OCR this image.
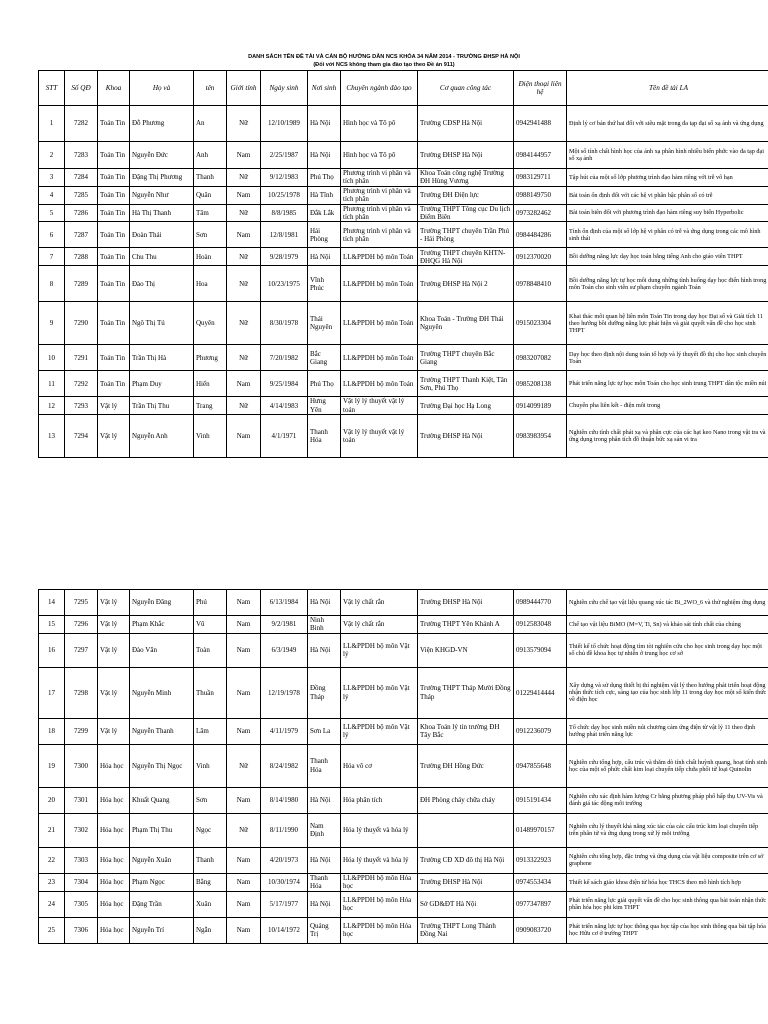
DANH SÁCH TÊN ĐỀ TÀI VÀ CÁN BỘ HƯỚNG DẪN NCS KHÓA 34 NĂM 2014 - TRƯỜNG ĐHSP HÀ NỘI
(Đối với NCS không tham gia đào tạo theo Đề án 911)
STT	Số QĐ	Khoa	Họ và	tên	Giới tính	Ngày sinh	Nơi sinh	Chuyên ngành đào tạo	Cơ quan công tác	Điện thoại liên hệ	Tên đề tài LA
1	7282	Toán Tin	Đỗ Phương	An	Nữ	12/10/1989	Hà Nội	Hình học và Tô pô	Trường CĐSP Hà Nội	0942941488	Định lý cơ bản thứ hai đối với siêu mặt trong đa tạp đại số xạ ảnh và ứng dụng
2	7283	Toán Tin	Nguyễn Đức	Anh	Nam	2/25/1987	Hà Nội	Hình học và Tô pô	Trường ĐHSP Hà Nội	0984144957	Một số tính chất hình học của ánh xạ phân hình nhiều biến phức vào đa tạp đại số xạ ảnh
3	7284	Toán Tin	Đặng Thị Phương	Thanh	Nữ	9/12/1983	Phú Thọ	Phương trình vi phân và tích phân	Khoa Toán công nghệ Trường ĐH Hùng Vương	0983129711	Tập hút của một số lớp phương trình đạo hàm riêng với trễ vô hạn
4	7285	Toán Tin	Nguyễn Như	Quân	Nam	10/25/1978	Hà Tĩnh	Phương trình vi phân và tích phân	Trường ĐH Điện lực	0988149750	Bài toán ổn định đối với các hệ vi phân bậc phân số có trễ
5	7286	Toán Tin	Hà Thị Thanh	Tâm	Nữ	8/8/1985	Đắk Lắk	Phương trình vi phân và tích phân	Trường THPT Tông cục Du lịch Điểm Biên	0973282462	Bài toán biên đối với phương trình đạo hàm riêng suy biến Hyperbolic
6	7287	Toán Tin	Đoàn Thái	Sơn	Nam	12/8/1981	Hải Phòng	Phương trình vi phân và tích phân	Trường THPT chuyên Trần Phú - Hải Phòng	0984484286	Tính ổn định của một số lớp hệ vi phân có trễ và ứng dụng trong các mô hình sinh thái
7	7288	Toán Tin	Chu Thu	Hoàn	Nữ	9/28/1979	Hà Nội	LL&PPDH bộ môn Toán	Trường THPT chuyên KHTN- ĐHQG Hà Nội	0912370020	Bồi dưỡng năng lực dạy học toán bằng tiếng Anh cho giáo viên THPT
8	7289	Toán Tin	Đào Thị	Hoa	Nữ	10/23/1975	Vĩnh Phúc	LL&PPDH bộ môn Toán	Trường ĐHSP Hà Nội 2	0978848410	Bồi dưỡng năng lực tự học môi dung những tình huống dạy học điển hình trong môn Toán cho sinh viên sư phạm chuyên ngành Toán
9	7290	Toán Tin	Ngô Thị Tú	Quyên	Nữ	8/30/1978	Thái Nguyên	LL&PPDH bộ môn Toán	Khoa Toán - Trường ĐH Thái Nguyên	0915023304	Khai thác môi quan hệ liên môn Toán Tin trong dạy học Đại số và Giải tích 11 theo hướng bồi dưỡng năng lực phát hiện và giải quyết vấn đề cho học sinh THPT
10	7291	Toán Tin	Trần Thị Hà	Phương	Nữ	7/20/1982	Bắc Giang	LL&PPDH bộ môn Toán	Trường THPT chuyên Bắc Giang	0983207082	Dạy học theo định nội dung toán tổ hợp và lý thuyết đồ thị cho học sinh chuyên Toán
11	7292	Toán Tin	Phạm Duy	Hiển	Nam	9/25/1984	Phú Thọ	LL&PPDH bộ môn Toán	Trường THPT Thanh Kiệt, Tân Sơn, Phú Thọ	0985208138	Phát triển năng lực tự học môn Toán cho học sinh trung THPT dân tộc miền núi
12	7293	Vật lý	Trần Thị Thu	Trang	Nữ	4/14/1983	Hưng Yên	Vật lý lý thuyết vật lý toán	Trường Đại học Hạ Long	0914099189	Chuyển pha liên kết - điện môi trong
13	7294	Vật lý	Nguyễn Anh	Vinh	Nam	4/1/1971	Thanh Hóa	Vật lý lý thuyết vật lý toán	Trường ĐHSP Hà Nội	0983983954	Nghiên cứu tính chất phát xạ và phân cực của các hạt keo Nano trong vật tra và ứng dụng trong phân tích đồ thuận bức xạ sán vi tra
14	7295	Vật lý	Nguyễn Đăng	Phú	Nam	6/13/1984	Hà Nội	Vật lý chất rắn	Trường ĐHSP Hà Nội	0989444770	Nghiên cứu chế tạo vật liệu quang xúc tác Bi_2WO_6 và thử nghiệm ứng dụng
15	7296	Vật lý	Phạm Khắc	Vũ	Nam	9/2/1981	Ninh Bình	Vật lý chất rắn	Trường THPT Yên Khánh A	0912583048	Chế tạo vật liệu BiMO (M=V, Ti, Sn) và khảo sát tính chất của chúng
16	7297	Vật lý	Đào Văn	Toàn	Nam	6/3/1949	Hà Nội	LL&PPDH bộ môn Vật lý	Viện KHGD-VN	0913579094	Thiết kế tổ chức hoạt động tìm tòi nghiên cứu cho học sinh trong dạy học một số chủ đề khoa học tự nhiên ở trung học cơ sở
17	7298	Vật lý	Nguyễn Minh	Thuần	Nam	12/19/1978	Đồng Tháp	LL&PPDH bộ môn Vật lý	Trường THPT Tháp Mười Đồng Tháp	01229414444	Xây dựng và sử dụng thiết bị thí nghiệm vật lý theo hướng phát triển hoạt động nhận thức tích cực, sáng tạo của học sinh lớp 11 trong dạy học một số kiến thức về điện học
18	7299	Vật lý	Nguyễn Thanh	Lâm	Nam	4/11/1979	Sơn La	LL&PPDH bộ môn Vật lý	Khoa Toán lý tin trường ĐH Tây Bắc	0912236079	Tổ chức dạy học sinh miền núi chương cảm ứng điện từ vật lý 11 theo định hướng phát triển năng lực
19	7300	Hóa học	Nguyễn Thị Ngọc	Vinh	Nữ	8/24/1982	Thanh Hóa	Hóa vô cơ	Trường ĐH Hồng Đức	0947855648	Nghiên cứu tổng hợp, cấu trúc và thăm dò tính chất huỳnh quang, hoạt tính sinh học của một số phức chất kim loại chuyển tiếp chứa phối tử loại Quinolin
20	7301	Hóa học	Khuất Quang	Sơn	Nam	8/14/1980	Hà Nội	Hóa phân tích	ĐH Phòng cháy chữa cháy	0915191434	Nghiên cứu xác định hàm lượng Cr bằng phương pháp phổ hấp thụ UV-Vis và đánh giá tác động môi trường
21	7302	Hóa học	Phạm Thị Thu	Ngọc	Nữ	8/11/1990	Nam Định	Hóa lý thuyết và hóa lý		01489970157	Nghiên cứu lý thuyết khả năng xúc tác của các cấu trúc kim loại chuyển tiếp trên phân tử và ứng dụng trong xử lý môi trường
22	7303	Hóa học	Nguyễn Xuân	Thanh	Nam	4/20/1973	Hà Nội	Hóa lý thuyết và hóa lý	Trường CĐ XD đô thị Hà Nội	0913322923	Nghiên cứu tổng hợp, đặc trưng và ứng dụng của vật liệu composite trên cơ sở graphene
23	7304	Hóa học	Phạm Ngọc	Bằng	Nam	10/30/1974	Thanh Hóa	LL&PPDH bộ môn Hóa học	Trường ĐHSP Hà Nội	0974553434	Thiết kế sách giáo khoa điện tử hóa học THCS theo mô hình tích hợp
24	7305	Hóa học	Đặng Trần	Xuân	Nam	5/17/1977	Hà Nội	LL&PPDH bộ môn Hóa học	Sở GD&ĐT Hà Nội	0977347897	Phát triển năng lực giải quyết vấn đề cho học sinh thông qua bài toán nhận thức phần hóa học phi kim THPT
25	7306	Hóa học	Nguyễn Trí	Ngẫn	Nam	10/14/1972	Quảng Trị	LL&PPDH bộ môn Hóa học	Trường THPT Long Thành Đồng Nai	0909083720	Phát triển năng lực tự học thông qua học tập của học sinh thông qua bài tập hóa học Hữu cơ ở trường THPT
